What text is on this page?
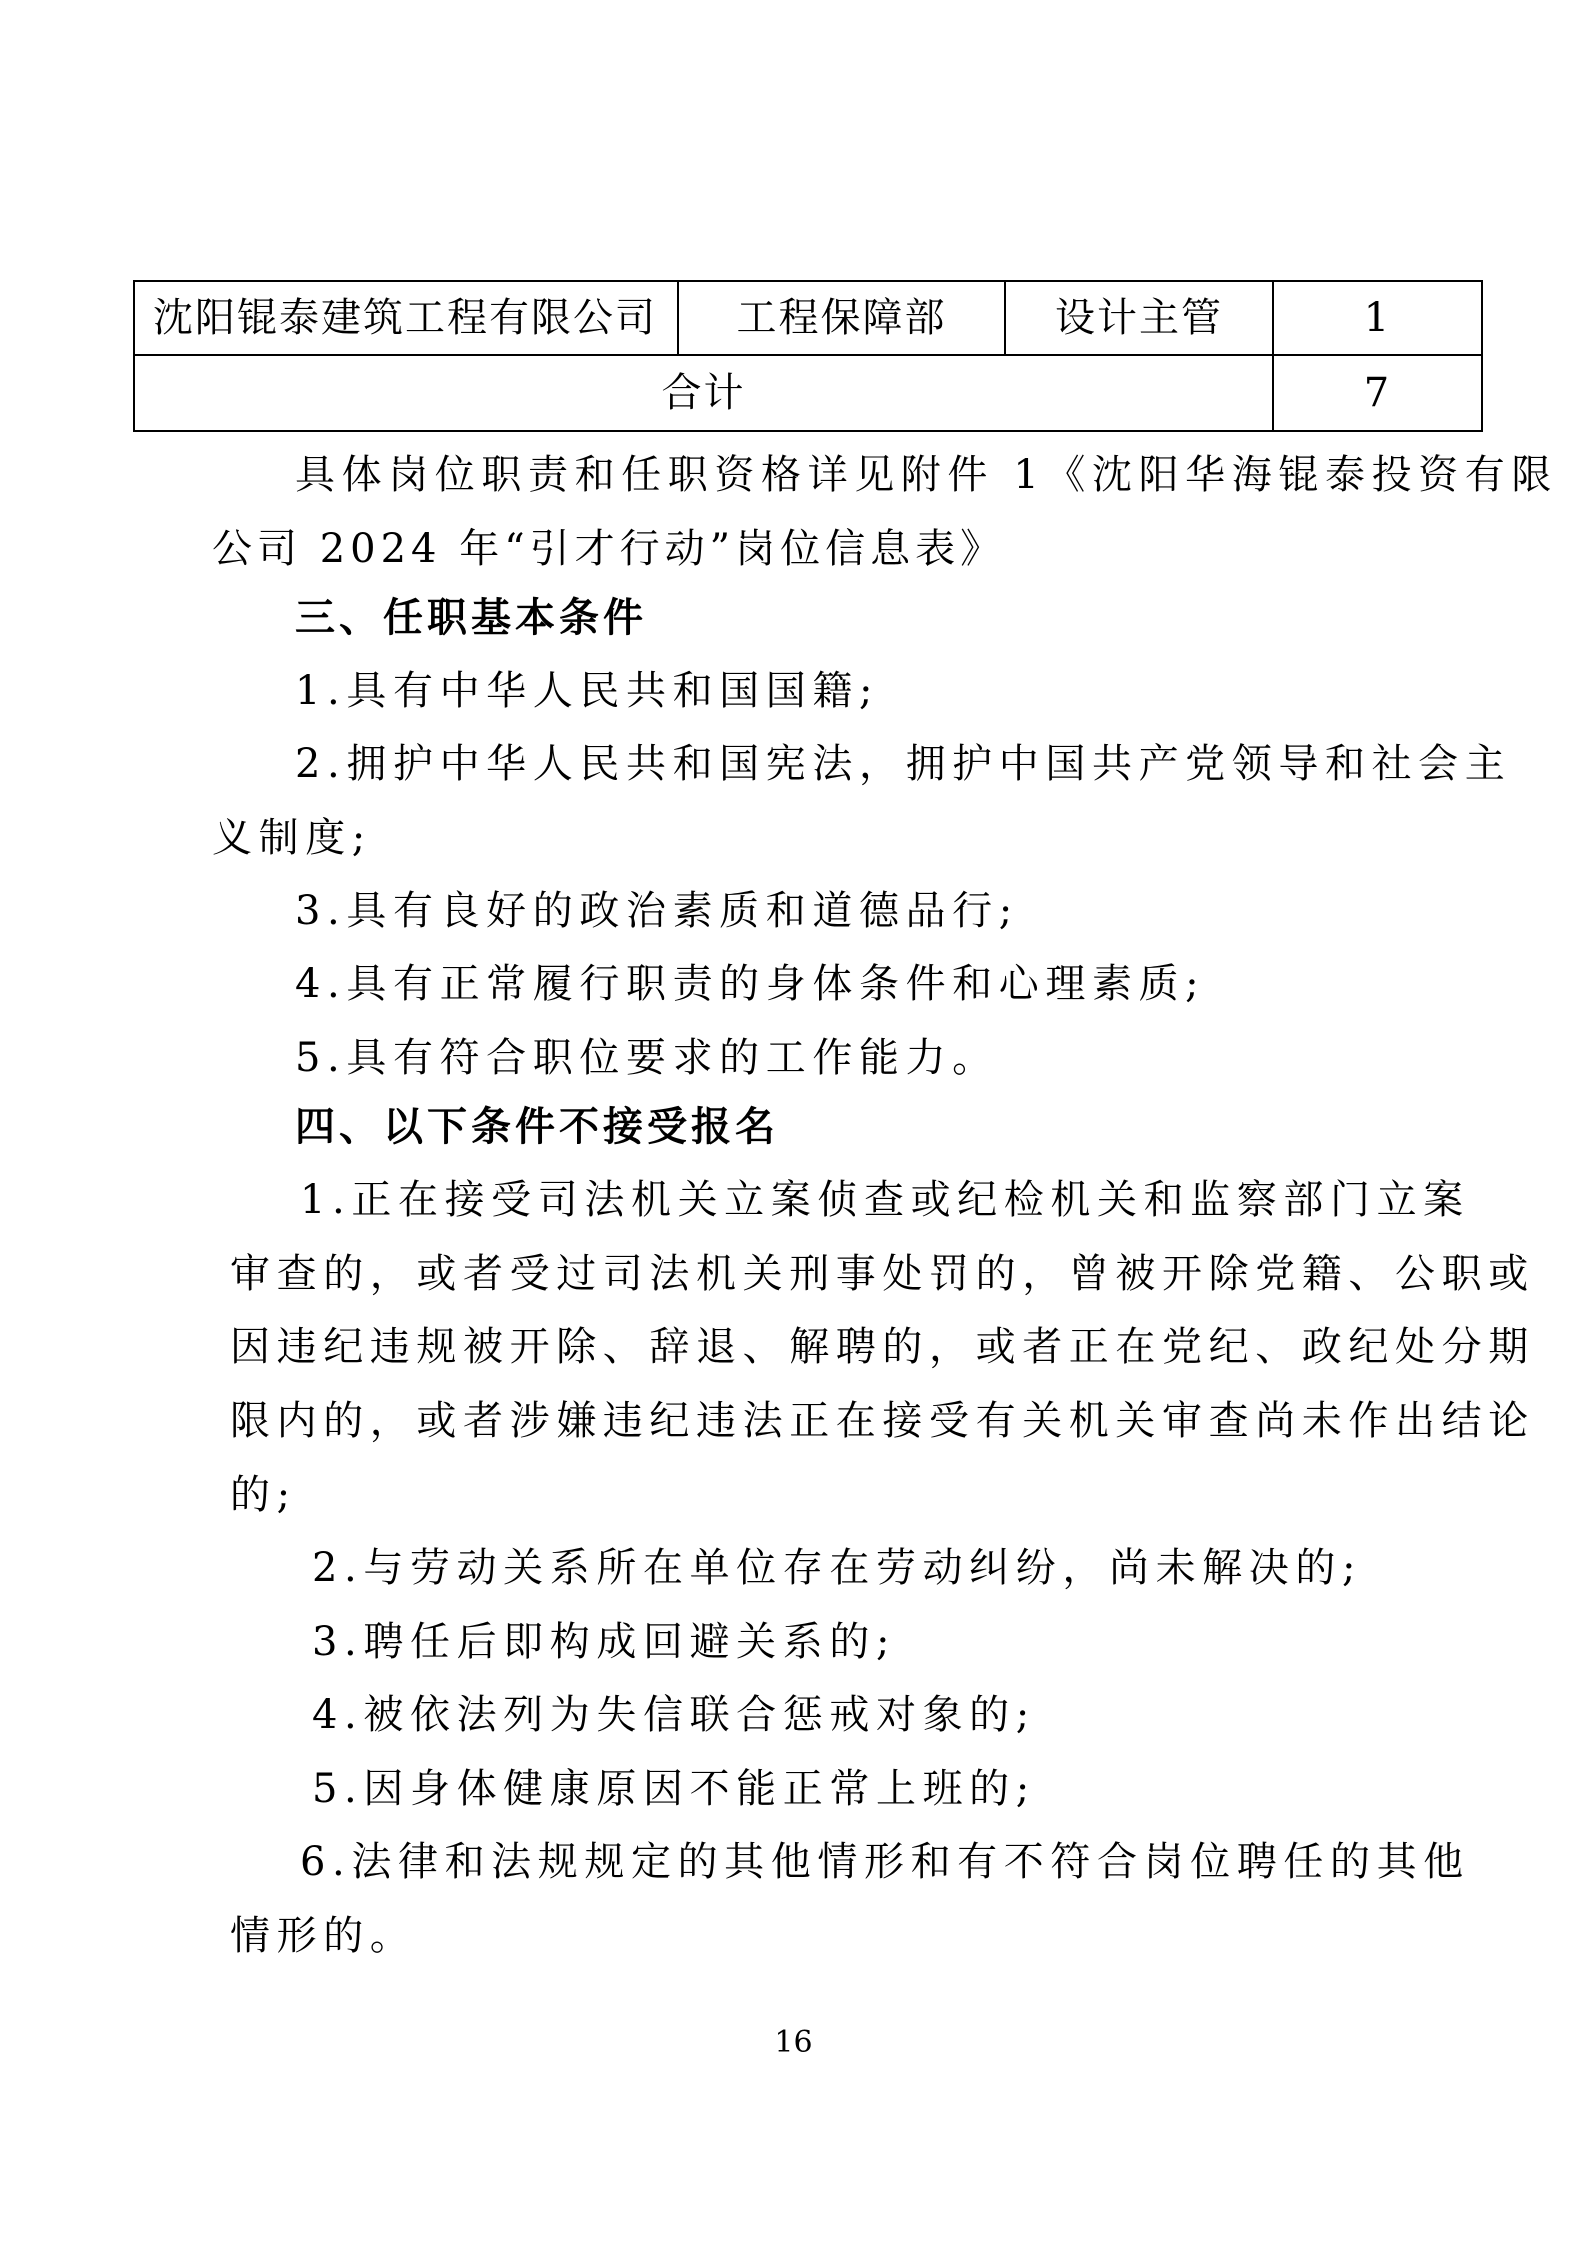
沈阳锟泰建筑工程有限公司	工程保障部	设计主管	1
合计			7
具体岗位职责和任职资格详见附件 1《沈阳华海锟泰投资有限
公司 2024 年“引才行动”岗位信息表》
三、任职基本条件
1.具有中华人民共和国国籍;
2.拥护中华人民共和国宪法，拥护中国共产党领导和社会主
义制度;
3.具有良好的政治素质和道德品行;
4.具有正常履行职责的身体条件和心理素质;
5.具有符合职位要求的工作能力。
四、以下条件不接受报名
1.正在接受司法机关立案侦查或纪检机关和监察部门立案
审查的，或者受过司法机关刑事处罚的，曾被开除党籍、公职或
因违纪违规被开除、辞退、解聘的，或者正在党纪、政纪处分期
限内的，或者涉嫌违纪违法正在接受有关机关审查尚未作出结论
的;
2.与劳动关系所在单位存在劳动纠纷，尚未解决的;
3.聘任后即构成回避关系的;
4.被依法列为失信联合惩戒对象的;
5.因身体健康原因不能正常上班的;
6.法律和法规规定的其他情形和有不符合岗位聘任的其他
情形的。
16
